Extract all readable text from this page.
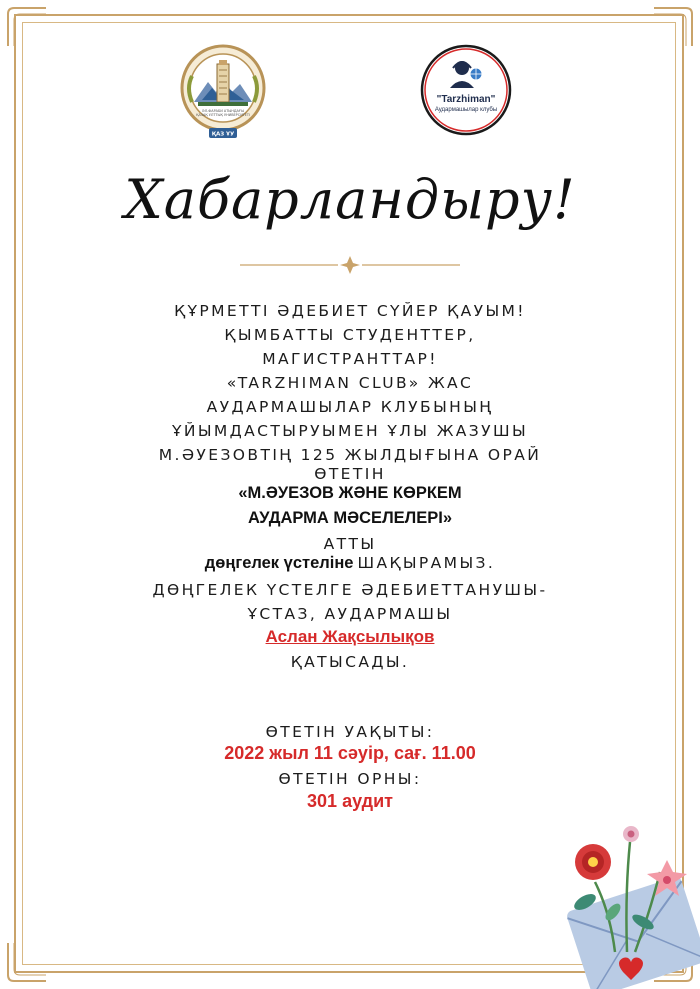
ӘЛ-ФАРАБИ АТЫНДАҒЫ
ҚАЗАҚ ҰЛТТЫҚ УНИВЕРСИТЕТІ
ҚАЗ ҰУ
"Tarzhiman"
Аудармашылар клубы
Хабарландыру!
ҚҰРМЕТТІ ӘДЕБИЕТ СҮЙЕР ҚАУЫМ!
ҚЫМБАТТЫ СТУДЕНТТЕР,
МАГИСТРАНТТАР!
«TARZHIMAN CLUB» ЖАС
АУДАРМАШЫЛАР КЛУБЫНЫҢ
ҰЙЫМДАСТЫРУЫМЕН ҰЛЫ ЖАЗУШЫ
М.ӘУЕЗОВТІҢ 125 ЖЫЛДЫҒЫНА ОРАЙ
ӨТЕТІН
«М.ӘУЕЗОВ ЖӘНЕ КӨРКЕМ
АУДАРМА МӘСЕЛЕЛЕРІ»
АТТЫ
дөңгелек үстеліне ШАҚЫРАМЫЗ.
ДӨҢГЕЛЕК ҮСТЕЛГЕ ӘДЕБИЕТТАНУШЫ-
ҰСТАЗ, АУДАРМАШЫ
Аслан Жақсылықов
ҚАТЫСАДЫ.
ӨТЕТІН УАҚЫТЫ:
2022 жыл 11 сәуір, сағ. 11.00
ӨТЕТІН ОРНЫ:
301 аудит
